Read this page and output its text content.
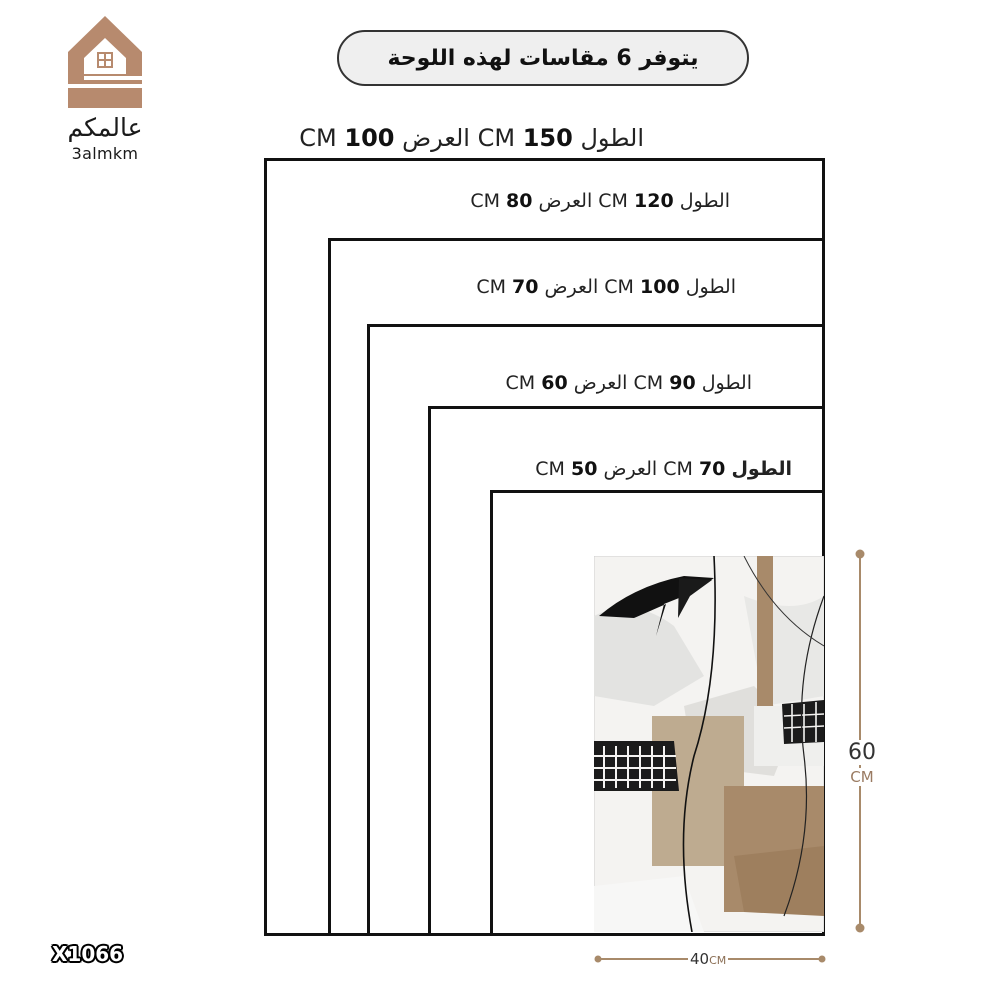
عالمكم
3almkm
يتوفر 6 مقاسات لهذه اللوحة
الطول 150 CM العرض 100 CM
الطول 120 CM العرض 80 CM
الطول 100 CM العرض 70 CM
الطول 90 CM العرض 60 CM
الطول 70 CM العرض 50 CM
60
CM
40CM
X1066
